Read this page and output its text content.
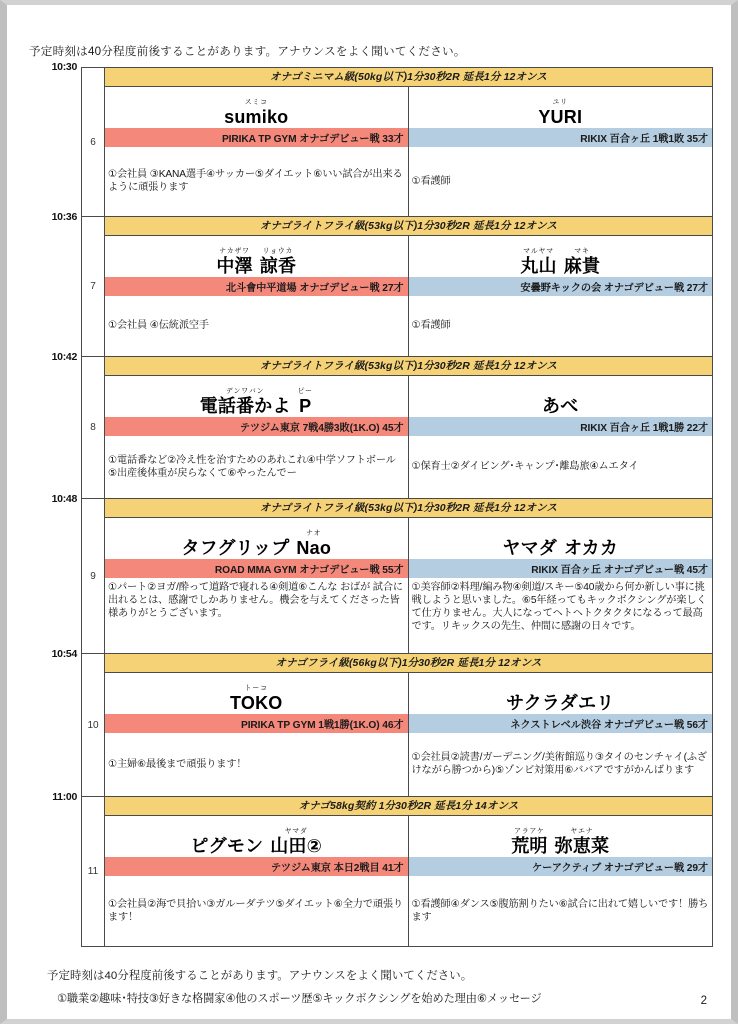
予定時刻は40分程度前後することがあります。アナウンスをよく聞いてください。
10:30
6
オナゴミニマム級(50kg以下)1分30秒2R 延長1分 12オンス
スミコ
sumiko
PIRIKA TP GYM オナゴデビュー戦 33才
①会社員 ③KANA選手④サッカー⑤ダイエット⑥いい試合が出来るように頑張ります
ユリ
YURI
RIKIX 百合ヶ丘 1戦1敗 35才
①看護師
10:36
7
オナゴライトフライ級(53kg以下)1分30秒2R 延長1分 12オンス
ナカザワ
中澤
リョウカ
諒香
北斗會中平道場 オナゴデビュー戦 27才
①会社員 ④伝統派空手
マルヤマ
丸山
マキ
麻貴
安曇野キックの会 オナゴデビュー戦 27才
①看護師
10:42
8
オナゴライトフライ級(53kg以下)1分30秒2R 延長1分 12オンス
デンワバン
電話番かよ
ピー
P
テツジム東京 7戦4勝3敗(1K.O) 45才
①電話番など②冷え性を治すためのあれこれ④中学ソフトボール⑤出産後体重が戻らなくて⑥やったんでー
あべ
RIKIX 百合ヶ丘 1戦1勝 22才
①保育士②ダイビング･キャンプ･離島旅④ムエタイ
10:48
9
オナゴライトフライ級(53kg以下)1分30秒2R 延長1分 12オンス
タフグリップ
ナオ
Nao
ROAD MMA GYM オナゴデビュー戦 55才
①パート②ヨガ/酔って道路で寝れる④剣道⑥こんな おばが 試合に出れるとは、感謝でしかありません。機会を与えてくださった皆様ありがとうございます。
ヤマダ オカカ
RIKIX 百合ヶ丘 オナゴデビュー戦 45才
①美容師②料理/編み物④剣道/スキー⑤40歳から何か新しい事に挑戦しようと思いました。⑥5年経ってもキックボクシングが楽しくて仕方りません。大人になってヘトヘトクタクタになるって最高です。リキックスの先生、仲間に感謝の日々です。
10:54
10
オナゴフライ級(56kg以下)1分30秒2R 延長1分 12オンス
トーコ
TOKO
PIRIKA TP GYM 1戦1勝(1K.O) 46才
①主婦⑥最後まで頑張ります！
サクラダエリ
ネクストレベル渋谷 オナゴデビュー戦 56才
①会社員②読書/ガーデニング/美術館巡り③タイのセンチャイ(ふざけながら勝つから)⑤ゾンビ対策用⑥ババアですがかんばります
11:00
11
オナゴ58kg契約 1分30秒2R 延長1分 14オンス
ピグモン
ヤマダ
山田②
テツジム東京 本日2戦目 41才
①会社員②海で貝拾い③ガルーダテツ⑤ダイエット⑥全力で頑張ります！
アラアケ
荒明
ヤエナ
弥恵菜
ケーアクティブ オナゴデビュー戦 29才
①看護師④ダンス⑤腹筋割りたい⑥試合に出れて嬉しいです！勝ちます
予定時刻は40分程度前後することがあります。アナウンスをよく聞いてください。
①職業②趣味･特技③好きな格闘家④他のスポーツ歴⑤キックボクシングを始めた理由⑥メッセージ	2
